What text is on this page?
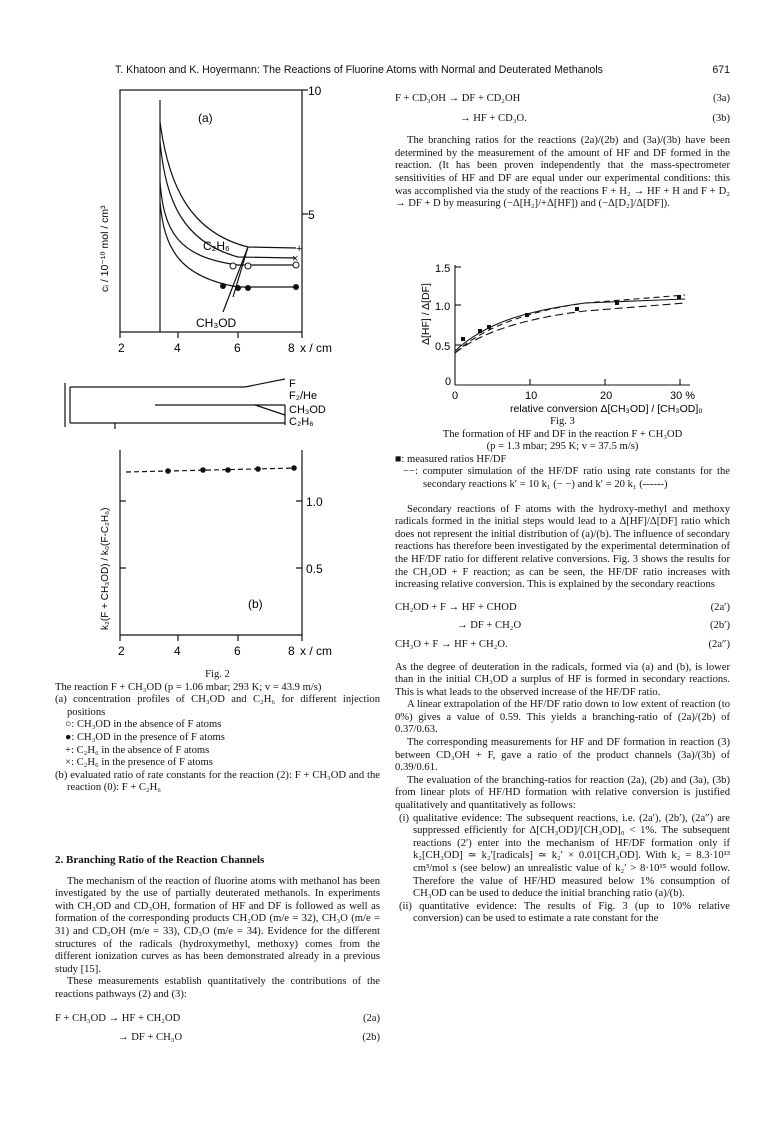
T. Khatoon and K. Hoyermann: The Reactions of Fluorine Atoms with Normal and Deuterated Methanols	671
+
×
10
5
(a)
C₂H₆
CH₃OD
cᵢ / 10⁻¹⁰ mol / cm³
2	4	6	8 x / cm
F
F₂/He
CH₃OD
C₂H₆
1.0
0.5
(b)
k₂(F + CH₃OD) / k₀(F-C₂H₆)
2	4	6	8 x / cm

Fig. 2

The reaction F + CH₃OD (p = 1.06 mbar; 293 K; v = 43.9 m/s)

(a) concentration profiles of CH₃OD and C₂H₆ for different injection positions

○: CH₃OD in the absence of F atoms

●: CH₃OD in the presence of F atoms

+: C₂H₆ in the absence of F atoms

×: C₂H₆ in the presence of F atoms

(b) evaluated ratio of rate constants for the reaction (2): F + CH₃OD and the reaction (0): F + C₂H₆

2. Branching Ratio of the Reaction Channels

The mechanism of the reaction of fluorine atoms with methanol has been investigated by the use of partially deuterated methanols. In experiments with CH₃OD and CD₃OH, formation of HF and DF is followed as well as formation of the corresponding products CH₂OD (m/e = 32), CH₃O (m/e = 31) and CD₂OH (m/e = 33), CD₃O (m/e = 34). Evidence for the different structures of the radicals (hydroxymethyl, methoxy) comes from the different ionization curves as has been demonstrated already in a previous study [15].

These measurements establish quantitatively the contributions of the reactions pathways (2) and (3):

F + CH₃OD → HF + CH₂OD	(2a)
→ DF + CH₃O	(2b)
F + CD₃OH → DF + CD₂OH	(3a)
→ HF + CD₃O.	(3b)

The branching ratios for the reactions (2a)/(2b) and (3a)/(3b) have been determined by the measurement of the amount of HF and DF formed in the reaction. (It has been proven independently that the mass-spectrometer sensitivities of HF and DF are equal under our experimental conditions: this was accomplished via the study of the reactions F + H₂ → HF + H and F + D₂ → DF + D by measuring (−Δ[H₂]/+Δ[HF]) and (−Δ[D₂]/Δ[DF]).

1.5
1.0
0.5
0
0	10	20	30 %
relative conversion Δ[CH₃OD] / [CH₃OD]₀
Δ[HF] / Δ[DF]

Fig. 3

The formation of HF and DF in the reaction F + CH₃OD

(p = 1.3 mbar; 295 K; v = 37.5 m/s)

■: measured ratios HF/DF

−−: computer simulation of the HF/DF ratio using rate constants for the secondary reactions k′ = 10 k₁ (− −) and k′ = 20 k₁ (------)

Secondary reactions of F atoms with the hydroxy-methyl and methoxy radicals formed in the initial steps would lead to a Δ[HF]/Δ[DF] ratio which does not represent the initial distribution of (a)/(b). The influence of secondary reactions has therefore been investigated by the experimental determination of the HF/DF ratio for different relative conversions. Fig. 3 shows the results for the CH₃OD + F reaction; as can be seen, the HF/DF ratio increases with increasing relative conversion. This is explained by the secondary reactions

CH₂OD + F → HF + CHOD	(2a′)
→ DF + CH₂O	(2b′)
CH₃O + F → HF + CH₂O.	(2a″)

As the degree of deuteration in the radicals, formed via (a) and (b), is lower than in the initial CH₃OD a surplus of HF is formed in secondary reactions. This is what leads to the observed increase of the HF/DF ratio.

A linear extrapolation of the HF/DF ratio down to low extent of reaction (to 0%) gives a value of 0.59. This yields a branching-ratio of (2a)/(2b) of 0.37/0.63.

The corresponding measurements for HF and DF formation in reaction (3) between CD₃OH + F, gave a ratio of the product channels (3a)/(3b) of 0.39/0.61.

The evaluation of the branching-ratios for reaction (2a), (2b) and (3a), (3b) from linear plots of HF/HD formation with relative conversion is justified qualitatively and quantitatively as follows:

(i) qualitative evidence: The subsequent reactions, i.e. (2a′), (2b′), (2a″) are suppressed efficiently for Δ[CH₃OD]/[CH₃OD]₀ < 1%. The subsequent reactions (2′) enter into the mechanism of HF/DF formation only if k₂[CH₃OD] ≃ k₂′[radicals] ≃ k₂′ × 0.01[CH₃OD]. With k₂ = 8.3·10¹³ cm³/mol s (see below) an unrealistic value of k₂′ > 8·10¹⁵ would follow. Therefore the value of HF/HD measured below 1% consumption of CH₃OD can be used to deduce the initial branching ratio (a)/(b).

(ii) quantitative evidence: The results of Fig. 3 (up to 10% relative conversion) can be used to estimate a rate constant for the
